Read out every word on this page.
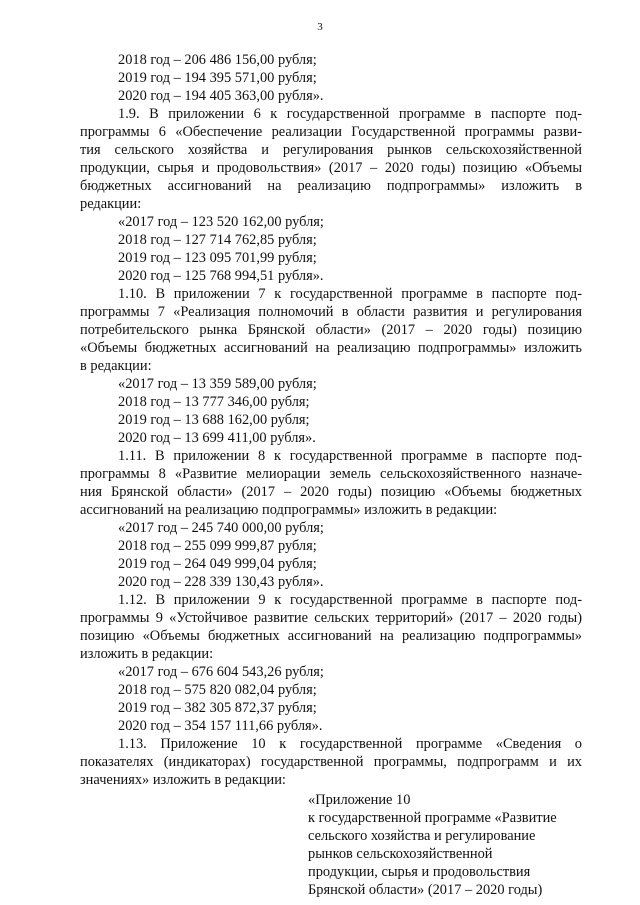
3
2018 год – 206 486 156,00 рубля;
2019 год – 194 395 571,00 рубля;
2020 год – 194 405 363,00 рубля».
1.9. В приложении 6 к государственной программе в паспорте под-
программы 6 «Обеспечение реализации Государственной программы разви-
тия сельского хозяйства и регулирования рынков сельскохозяйственной
продукции, сырья и продовольствия» (2017 – 2020 годы) позицию «Объемы
бюджетных ассигнований на реализацию подпрограммы» изложить в
редакции:
«2017 год – 123 520 162,00 рубля;
2018 год – 127 714 762,85 рубля;
2019 год – 123 095 701,99 рубля;
2020 год – 125 768 994,51 рубля».
1.10. В приложении 7 к государственной программе в паспорте под-
программы 7 «Реализация полномочий в области развития и регулирования
потребительского рынка Брянской области» (2017 – 2020 годы) позицию
«Объемы бюджетных ассигнований на реализацию подпрограммы» изложить
в редакции:
«2017 год – 13 359 589,00 рубля;
2018 год – 13 777 346,00 рубля;
2019 год – 13 688 162,00 рубля;
2020 год – 13 699 411,00 рубля».
1.11. В приложении 8 к государственной программе в паспорте под-
программы 8 «Развитие мелиорации земель сельскохозяйственного назначе-
ния Брянской области» (2017 – 2020 годы) позицию «Объемы бюджетных
ассигнований на реализацию подпрограммы» изложить в редакции:
«2017 год – 245 740 000,00 рубля;
2018 год – 255 099 999,87 рубля;
2019 год – 264 049 999,04 рубля;
2020 год – 228 339 130,43 рубля».
1.12. В приложении 9 к государственной программе в паспорте под-
программы 9 «Устойчивое развитие сельских территорий» (2017 – 2020 годы)
позицию «Объемы бюджетных ассигнований на реализацию подпрограммы»
изложить в редакции:
«2017 год – 676 604 543,26 рубля;
2018 год – 575 820 082,04 рубля;
2019 год – 382 305 872,37 рубля;
2020 год – 354 157 111,66 рубля».
1.13. Приложение 10 к государственной программе «Сведения о
показателях (индикаторах) государственной программы, подпрограмм и их
значениях» изложить в редакции:
«Приложение 10
к государственной программе «Развитие
сельского хозяйства и регулирование
рынков сельскохозяйственной
продукции, сырья и продовольствия
Брянской области» (2017 – 2020 годы)
